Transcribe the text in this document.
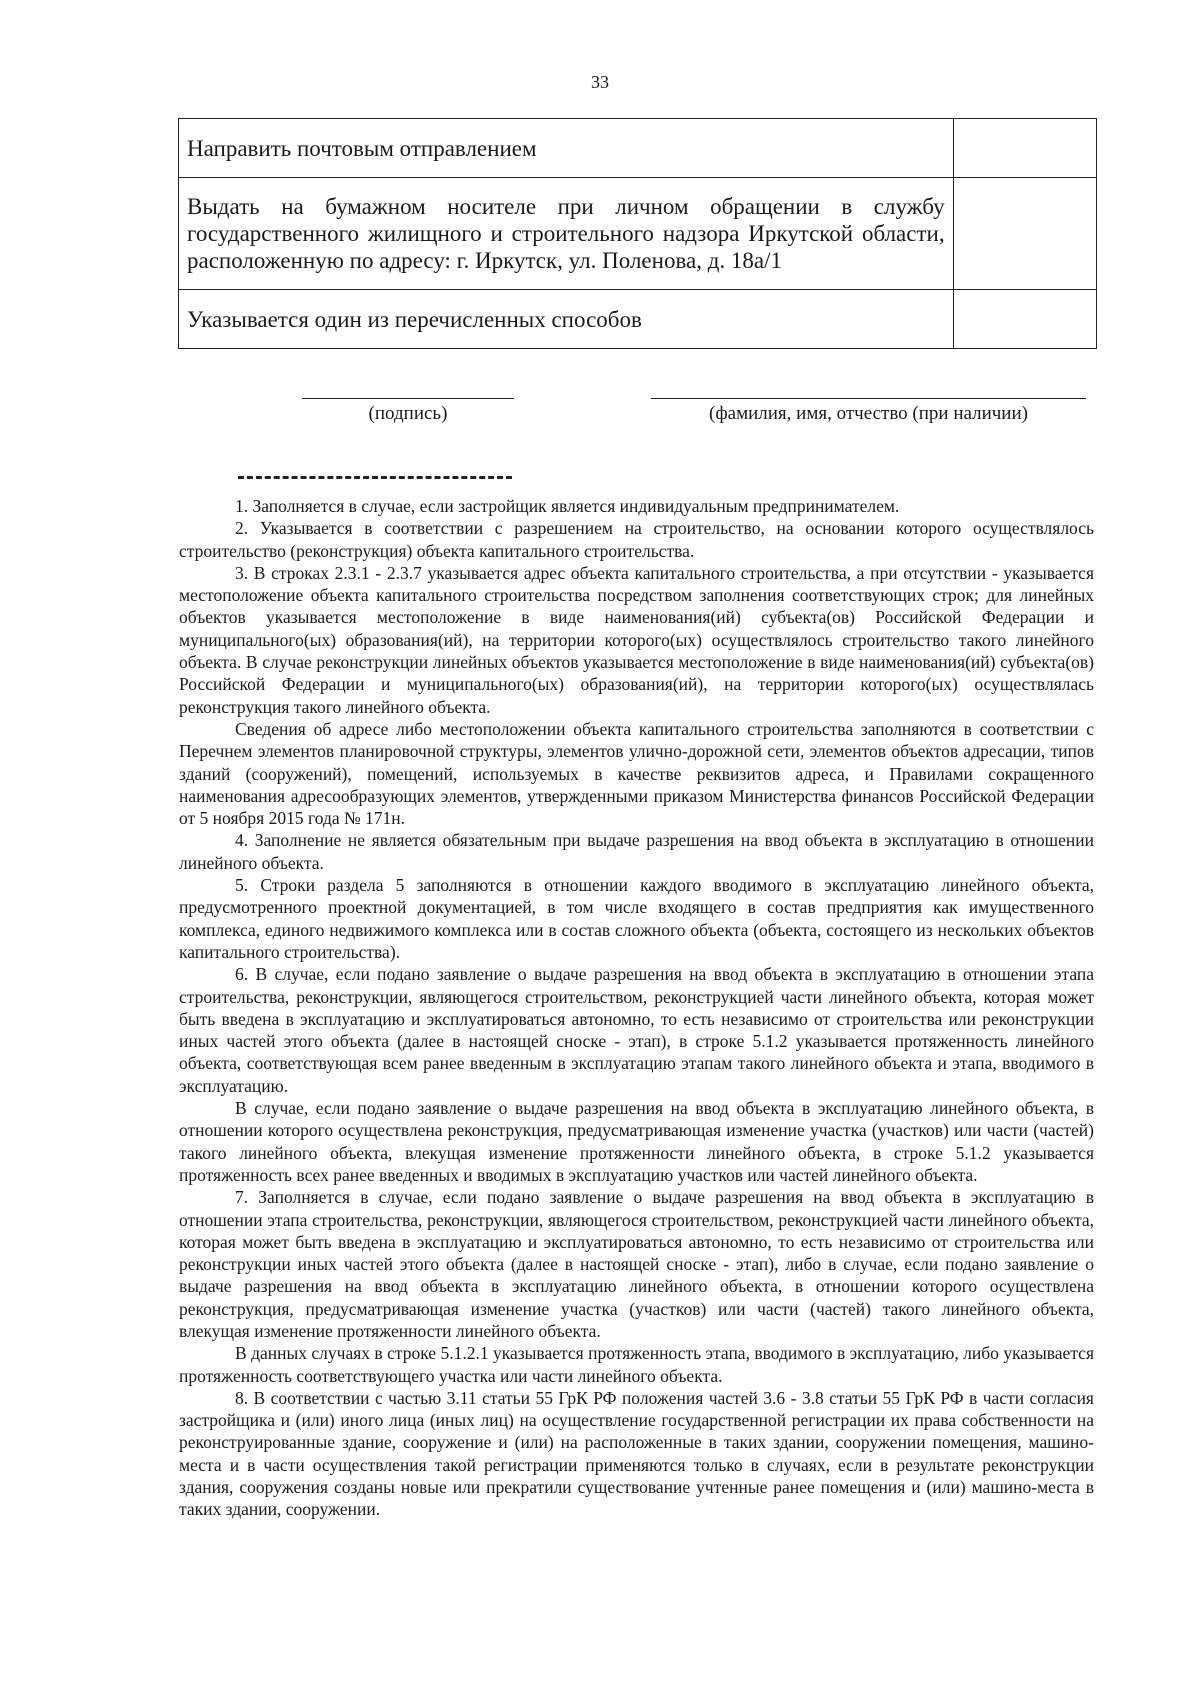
33
Направить почтовым отправлением	
Выдать на бумажном носителе при личном обращении в службу государственного жилищного и строительного надзора Иркутской области, расположенную по адресу: г. Иркутск, ул. Поленова, д. 18а/1	
Указывается один из перечисленных способов	
(подпись)	(фамилия, имя, отчество (при наличии)

1. Заполняется в случае, если застройщик является индивидуальным предпринимателем.

2. Указывается в соответствии с разрешением на строительство, на основании которого осуществлялось строительство (реконструкция) объекта капитального строительства.

3. В строках 2.3.1 - 2.3.7 указывается адрес объекта капитального строительства, а при отсутствии - указывается местоположение объекта капитального строительства посредством заполнения соответствующих строк; для линейных объектов указывается местоположение в виде наименования(ий) субъекта(ов) Российской Федерации и муниципального(ых) образования(ий), на территории которого(ых) осуществлялось строительство такого линейного объекта. В случае реконструкции линейных объектов указывается местоположение в виде наименования(ий) субъекта(ов) Российской Федерации и муниципального(ых) образования(ий), на территории которого(ых) осуществлялась реконструкция такого линейного объекта.

Сведения об адресе либо местоположении объекта капитального строительства заполняются в соответствии с Перечнем элементов планировочной структуры, элементов улично-дорожной сети, элементов объектов адресации, типов зданий (сооружений), помещений, используемых в качестве реквизитов адреса, и Правилами сокращенного наименования адресообразующих элементов, утвержденными приказом Министерства финансов Российской Федерации от 5 ноября 2015 года № 171н.

4. Заполнение не является обязательным при выдаче разрешения на ввод объекта в эксплуатацию в отношении линейного объекта.

5. Строки раздела 5 заполняются в отношении каждого вводимого в эксплуатацию линейного объекта, предусмотренного проектной документацией, в том числе входящего в состав предприятия как имущественного комплекса, единого недвижимого комплекса или в состав сложного объекта (объекта, состоящего из нескольких объектов капитального строительства).

6. В случае, если подано заявление о выдаче разрешения на ввод объекта в эксплуатацию в отношении этапа строительства, реконструкции, являющегося строительством, реконструкцией части линейного объекта, которая может быть введена в эксплуатацию и эксплуатироваться автономно, то есть независимо от строительства или реконструкции иных частей этого объекта (далее в настоящей сноске - этап), в строке 5.1.2 указывается протяженность линейного объекта, соответствующая всем ранее введенным в эксплуатацию этапам такого линейного объекта и этапа, вводимого в эксплуатацию.

В случае, если подано заявление о выдаче разрешения на ввод объекта в эксплуатацию линейного объекта, в отношении которого осуществлена реконструкция, предусматривающая изменение участка (участков) или части (частей) такого линейного объекта, влекущая изменение протяженности линейного объекта, в строке 5.1.2 указывается протяженность всех ранее введенных и вводимых в эксплуатацию участков или частей линейного объекта.

7. Заполняется в случае, если подано заявление о выдаче разрешения на ввод объекта в эксплуатацию в отношении этапа строительства, реконструкции, являющегося строительством, реконструкцией части линейного объекта, которая может быть введена в эксплуатацию и эксплуатироваться автономно, то есть независимо от строительства или реконструкции иных частей этого объекта (далее в настоящей сноске - этап), либо в случае, если подано заявление о выдаче разрешения на ввод объекта в эксплуатацию линейного объекта, в отношении которого осуществлена реконструкция, предусматривающая изменение участка (участков) или части (частей) такого линейного объекта, влекущая изменение протяженности линейного объекта.

В данных случаях в строке 5.1.2.1 указывается протяженность этапа, вводимого в эксплуатацию, либо указывается протяженность соответствующего участка или части линейного объекта.

8. В соответствии с частью 3.11 статьи 55 ГрК РФ положения частей 3.6 - 3.8 статьи 55 ГрК РФ в части согласия застройщика и (или) иного лица (иных лиц) на осуществление государственной регистрации их права собственности на реконструированные здание, сооружение и (или) на расположенные в таких здании, сооружении помещения, машино-места и в части осуществления такой регистрации применяются только в случаях, если в результате реконструкции здания, сооружения созданы новые или прекратили существование учтенные ранее помещения и (или) машино-места в таких здании, сооружении.
